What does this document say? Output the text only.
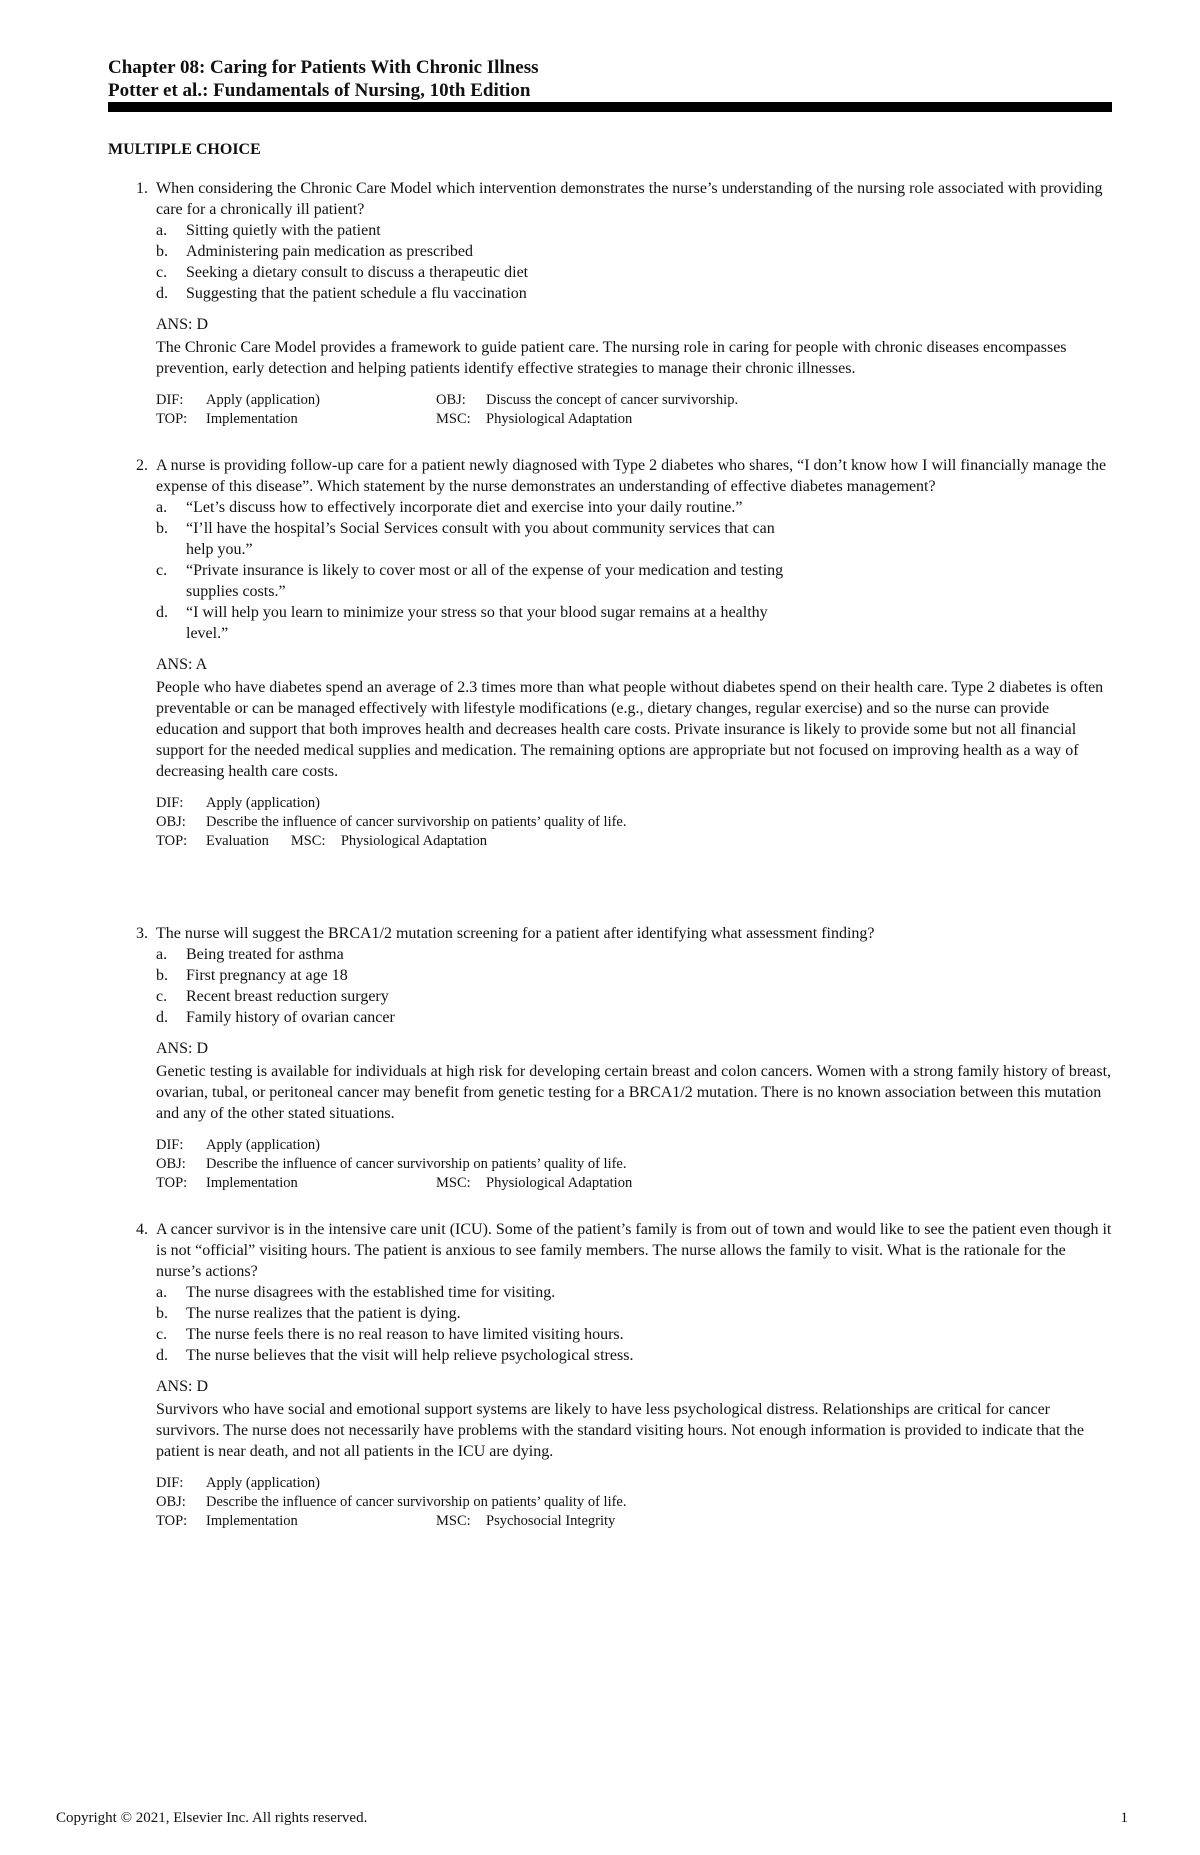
Chapter 08: Caring for Patients With Chronic Illness
Potter et al.: Fundamentals of Nursing, 10th Edition
MULTIPLE CHOICE
1. When considering the Chronic Care Model which intervention demonstrates the nurse’s understanding of the nursing role associated with providing care for a chronically ill patient?
a.	Sitting quietly with the patient
b.	Administering pain medication as prescribed
c.	Seeking a dietary consult to discuss a therapeutic diet
d.	Suggesting that the patient schedule a flu vaccination
ANS: D
The Chronic Care Model provides a framework to guide patient care. The nursing role in caring for people with chronic diseases encompasses prevention, early detection and helping patients identify effective strategies to manage their chronic illnesses.
DIF:	Apply (application)	OBJ:	Discuss the concept of cancer survivorship.
TOP:	Implementation	MSC:	Physiological Adaptation
2. A nurse is providing follow-up care for a patient newly diagnosed with Type 2 diabetes who shares, “I don’t know how I will financially manage the expense of this disease”. Which statement by the nurse demonstrates an understanding of effective diabetes management?
a.	“Let’s discuss how to effectively incorporate diet and exercise into your daily routine.”
b.	“I’ll have the hospital’s Social Services consult with you about community services that can help you.”
c.	“Private insurance is likely to cover most or all of the expense of your medication and testing supplies costs.”
d.	“I will help you learn to minimize your stress so that your blood sugar remains at a healthy level.”
ANS: A
People who have diabetes spend an average of 2.3 times more than what people without diabetes spend on their health care. Type 2 diabetes is often preventable or can be managed effectively with lifestyle modifications (e.g., dietary changes, regular exercise) and so the nurse can provide education and support that both improves health and decreases health care costs. Private insurance is likely to provide some but not all financial support for the needed medical supplies and medication. The remaining options are appropriate but not focused on improving health as a way of decreasing health care costs.
DIF:	Apply (application)
OBJ:	Describe the influence of cancer survivorship on patients’ quality of life.
TOP:	Evaluation MSC:	Physiological Adaptation
3. The nurse will suggest the BRCA1/2 mutation screening for a patient after identifying what assessment finding?
a.	Being treated for asthma
b.	First pregnancy at age 18
c.	Recent breast reduction surgery
d.	Family history of ovarian cancer
ANS: D
Genetic testing is available for individuals at high risk for developing certain breast and colon cancers. Women with a strong family history of breast, ovarian, tubal, or peritoneal cancer may benefit from genetic testing for a BRCA1/2 mutation. There is no known association between this mutation and any of the other stated situations.
DIF:	Apply (application)
OBJ:	Describe the influence of cancer survivorship on patients’ quality of life.
TOP:	Implementation	MSC:	Physiological Adaptation
4. A cancer survivor is in the intensive care unit (ICU). Some of the patient’s family is from out of town and would like to see the patient even though it is not “official” visiting hours. The patient is anxious to see family members. The nurse allows the family to visit. What is the rationale for the nurse’s actions?
a.	The nurse disagrees with the established time for visiting.
b.	The nurse realizes that the patient is dying.
c.	The nurse feels there is no real reason to have limited visiting hours.
d.	The nurse believes that the visit will help relieve psychological stress.
ANS: D
Survivors who have social and emotional support systems are likely to have less psychological distress. Relationships are critical for cancer survivors. The nurse does not necessarily have problems with the standard visiting hours. Not enough information is provided to indicate that the patient is near death, and not all patients in the ICU are dying.
DIF:	Apply (application)
OBJ:	Describe the influence of cancer survivorship on patients’ quality of life.
TOP:	Implementation	MSC:	Psychosocial Integrity
Copyright © 2021, Elsevier Inc. All rights reserved.	1
